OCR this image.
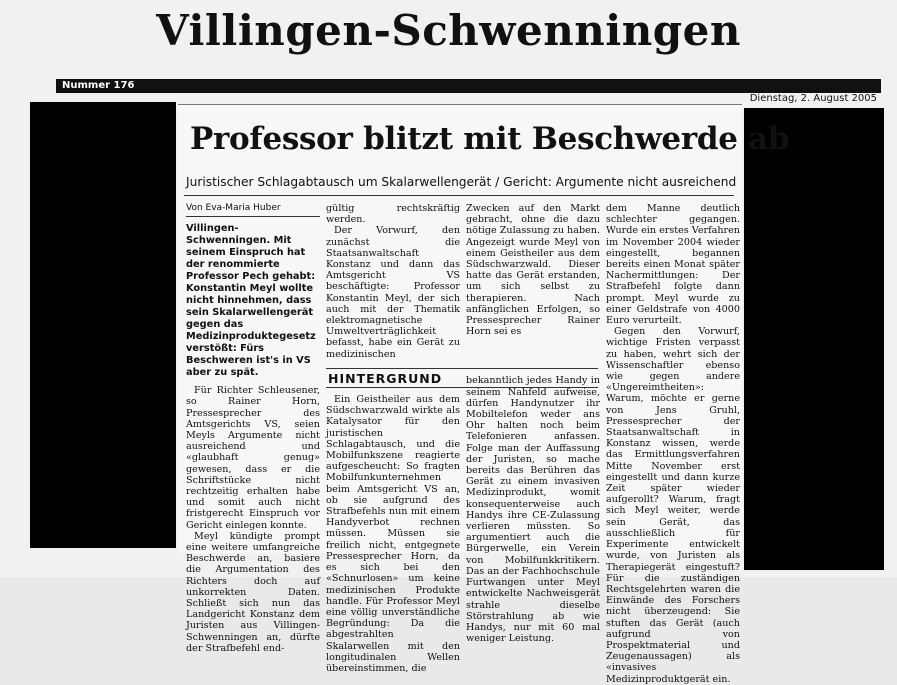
Villingen-Schwenningen
Nummer 176
Dienstag, 2. August 2005
Professor blitzt mit Beschwerde ab
Juristischer Schlagabtausch um Skalarwellengerät / Gericht: Argumente nicht ausreichend
Von Eva-Maria Huber
Villingen-Schwenningen. Mit seinem Einspruch hat der renommierte Professor Pech gehabt: Konstantin Meyl wollte nicht hinnehmen, dass sein Skalarwellengerät gegen das Medizinproduktegesetz verstößt: Fürs Beschweren ist's in VS aber zu spät.

Für Richter Schleusener, so Rainer Horn, Pressesprecher des Amtsgerichts VS, seien Meyls Argumente nicht ausreichend und «glaubhaft genug» gewesen, dass er die Schriftstücke nicht rechtzeitig erhalten habe und somit auch nicht fristgerecht Einspruch vor Gericht einlegen konnte.

Meyl kündigte prompt eine weitere umfangreiche Beschwerde an, basiere die Argumentation des Richters doch auf unkorrekten Daten. Schließt sich nun das Landgericht Konstanz dem Juristen aus Villingen-Schwenningen an, dürfte der Strafbefehl end-

gültig rechtskräftig werden.

Der Vorwurf, den zunächst die Staatsanwaltschaft Konstanz und dann das Amtsgericht VS beschäftigte: Professor Konstantin Meyl, der sich auch mit der Thematik elektromagnetische Umweltverträglichkeit befasst, habe ein Gerät zu medizinischen

HINTERGRUND

Ein Geistheiler aus dem Südschwarzwald wirkte als Katalysator für den juristischen Schlagabtausch, und die Mobilfunkszene reagierte aufgescheucht: So fragten Mobilfunkunternehmen beim Amtsgericht VS an, ob sie aufgrund des Strafbefehls nun mit einem Handyverbot rechnen müssen. Müssen sie freilich nicht, entgegnete Pressesprecher Horn, da es sich bei den «Schnurlosen» um keine medizinischen Produkte handle. Für Professor Meyl eine völlig unverständliche Begründung: Da die abgestrahlten Skalarwellen mit den longitudinalen Wellen übereinstimmen, die

Zwecken auf den Markt gebracht, ohne die dazu nötige Zulassung zu haben. Angezeigt wurde Meyl von einem Geistheiler aus dem Südschwarzwald. Dieser hatte das Gerät erstanden, um sich selbst zu therapieren. Nach anfänglichen Erfolgen, so Pressesprecher Rainer Horn sei es

bekanntlich jedes Handy in seinem Nahfeld aufweise, dürfen Handynutzer ihr Mobiltelefon weder ans Ohr halten noch beim Telefonieren anfassen. Folge man der Auffassung der Juristen, so mache bereits das Berühren das Gerät zu einem invasiven Medizinprodukt, womit konsequenterweise auch Handys ihre CE-Zulassung verlieren müssten. So argumentiert auch die Bürgerwelle, ein Verein von Mobilfunkkritikern. Das an der Fachhochschule Furtwangen unter Meyl entwickelte Nachweisgerät strahle dieselbe Störstrahlung ab wie Handys, nur mit 60 mal weniger Leistung.

dem Manne deutlich schlechter gegangen. Wurde ein erstes Verfahren im November 2004 wieder eingestellt, begannen bereits einen Monat später Nachermittlungen: Der Strafbefehl folgte dann prompt. Meyl wurde zu einer Geldstrafe von 4000 Euro verurteilt.

Gegen den Vorwurf, wichtige Fristen verpasst zu haben, wehrt sich der Wissenschaftler ebenso wie gegen andere «Ungereimtheiten»: Warum, möchte er gerne von Jens Gruhl, Pressesprecher der Staatsanwaltschaft in Konstanz wissen, werde das Ermittlungsverfahren Mitte November erst eingestellt und dann kurze Zeit später wieder aufgerollt? Warum, fragt sich Meyl weiter, werde sein Gerät, das ausschließlich für Experimente entwickelt wurde, von Juristen als Therapiegerät eingestuft? Für die zuständigen Rechtsgelehrten waren die Einwände des Forschers nicht überzeugend: Sie stuften das Gerät (auch aufgrund von Prospektmaterial und Zeugenaussagen) als «invasives Medizinproduktgerät ein.
